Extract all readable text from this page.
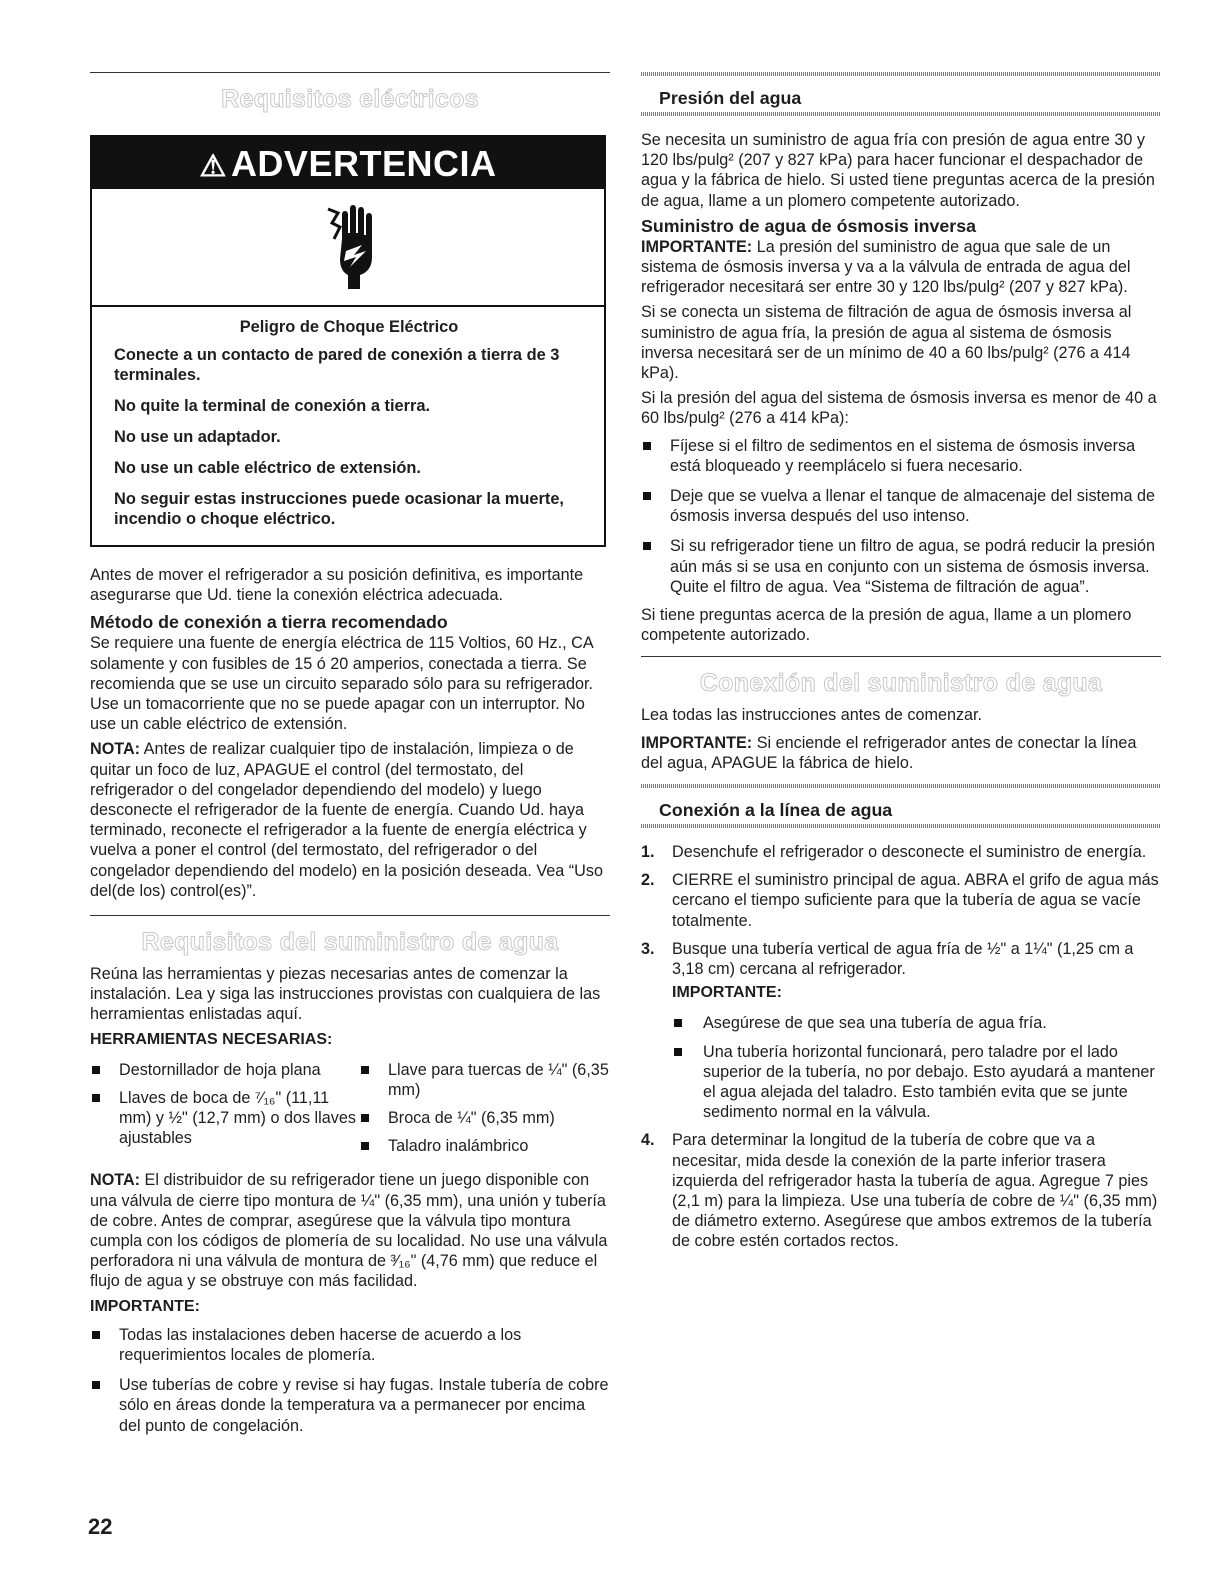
Requisitos eléctricos
⚠ ADVERTENCIA

Peligro de Choque Eléctrico

Conecte a un contacto de pared de conexión a tierra de 3 terminales.

No quite la terminal de conexión a tierra.

No use un adaptador.

No use un cable eléctrico de extensión.

No seguir estas instrucciones puede ocasionar la muerte, incendio o choque eléctrico.

Antes de mover el refrigerador a su posición definitiva, es importante asegurarse que Ud. tiene la conexión eléctrica adecuada.

Método de conexión a tierra recomendado

Se requiere una fuente de energía eléctrica de 115 Voltios, 60 Hz., CA solamente y con fusibles de 15 ó 20 amperios, conectada a tierra. Se recomienda que se use un circuito separado sólo para su refrigerador. Use un tomacorriente que no se puede apagar con un interruptor. No use un cable eléctrico de extensión.

NOTA: Antes de realizar cualquier tipo de instalación, limpieza o de quitar un foco de luz, APAGUE el control (del termostato, del refrigerador o del congelador dependiendo del modelo) y luego desconecte el refrigerador de la fuente de energía. Cuando Ud. haya terminado, reconecte el refrigerador a la fuente de energía eléctrica y vuelva a poner el control (del termostato, del refrigerador o del congelador dependiendo del modelo) en la posición deseada. Vea “Uso del(de los) control(es)”.

Requisitos del suministro de agua

Reúna las herramientas y piezas necesarias antes de comenzar la instalación. Lea y siga las instrucciones provistas con cualquiera de las herramientas enlistadas aquí.

HERRAMIENTAS NECESARIAS:
Destornillador de hoja plana
Llaves de boca de ⁷⁄₁₆" (11,11 mm) y ½" (12,7 mm) o dos llaves ajustables
Llave para tuercas de ¼" (6,35 mm)
Broca de ¼" (6,35 mm)
Taladro inalámbrico

NOTA: El distribuidor de su refrigerador tiene un juego disponible con una válvula de cierre tipo montura de ¼" (6,35 mm), una unión y tubería de cobre. Antes de comprar, asegúrese que la válvula tipo montura cumpla con los códigos de plomería de su localidad. No use una válvula perforadora ni una válvula de montura de ³⁄₁₆" (4,76 mm) que reduce el flujo de agua y se obstruye con más facilidad.

IMPORTANTE:
Todas las instalaciones deben hacerse de acuerdo a los requerimientos locales de plomería.
Use tuberías de cobre y revise si hay fugas. Instale tubería de cobre sólo en áreas donde la temperatura va a permanecer por encima del punto de congelación.
Presión del agua

Se necesita un suministro de agua fría con presión de agua entre 30 y 120 lbs/pulg² (207 y 827 kPa) para hacer funcionar el despachador de agua y la fábrica de hielo. Si usted tiene preguntas acerca de la presión de agua, llame a un plomero competente autorizado.

Suministro de agua de ósmosis inversa

IMPORTANTE: La presión del suministro de agua que sale de un sistema de ósmosis inversa y va a la válvula de entrada de agua del refrigerador necesitará ser entre 30 y 120 lbs/pulg² (207 y 827 kPa).

Si se conecta un sistema de filtración de agua de ósmosis inversa al suministro de agua fría, la presión de agua al sistema de ósmosis inversa necesitará ser de un mínimo de 40 a 60 lbs/pulg² (276 a 414 kPa).

Si la presión del agua del sistema de ósmosis inversa es menor de 40 a 60 lbs/pulg² (276 a 414 kPa):

Fíjese si el filtro de sedimentos en el sistema de ósmosis inversa está bloqueado y reemplácelo si fuera necesario.
Deje que se vuelva a llenar el tanque de almacenaje del sistema de ósmosis inversa después del uso intenso.
Si su refrigerador tiene un filtro de agua, se podrá reducir la presión aún más si se usa en conjunto con un sistema de ósmosis inversa. Quite el filtro de agua. Vea “Sistema de filtración de agua”.

Si tiene preguntas acerca de la presión de agua, llame a un plomero competente autorizado.

Conexión del suministro de agua

Lea todas las instrucciones antes de comenzar.

IMPORTANTE: Si enciende el refrigerador antes de conectar la línea del agua, APAGUE la fábrica de hielo.

Conexión a la línea de agua
1. Desenchufe el refrigerador o desconecte el suministro de energía.
2. CIERRE el suministro principal de agua. ABRA el grifo de agua más cercano el tiempo suficiente para que la tubería de agua se vacíe totalmente.
3. Busque una tubería vertical de agua fría de ½" a 1¼" (1,25 cm a 3,18 cm) cercana al refrigerador.
IMPORTANTE:
Asegúrese de que sea una tubería de agua fría.
Una tubería horizontal funcionará, pero taladre por el lado superior de la tubería, no por debajo. Esto ayudará a mantener el agua alejada del taladro. Esto también evita que se junte sedimento normal en la válvula.
4. Para determinar la longitud de la tubería de cobre que va a necesitar, mida desde la conexión de la parte inferior trasera izquierda del refrigerador hasta la tubería de agua. Agregue 7 pies (2,1 m) para la limpieza. Use una tubería de cobre de ¼" (6,35 mm) de diámetro externo. Asegúrese que ambos extremos de la tubería de cobre estén cortados rectos.
22
